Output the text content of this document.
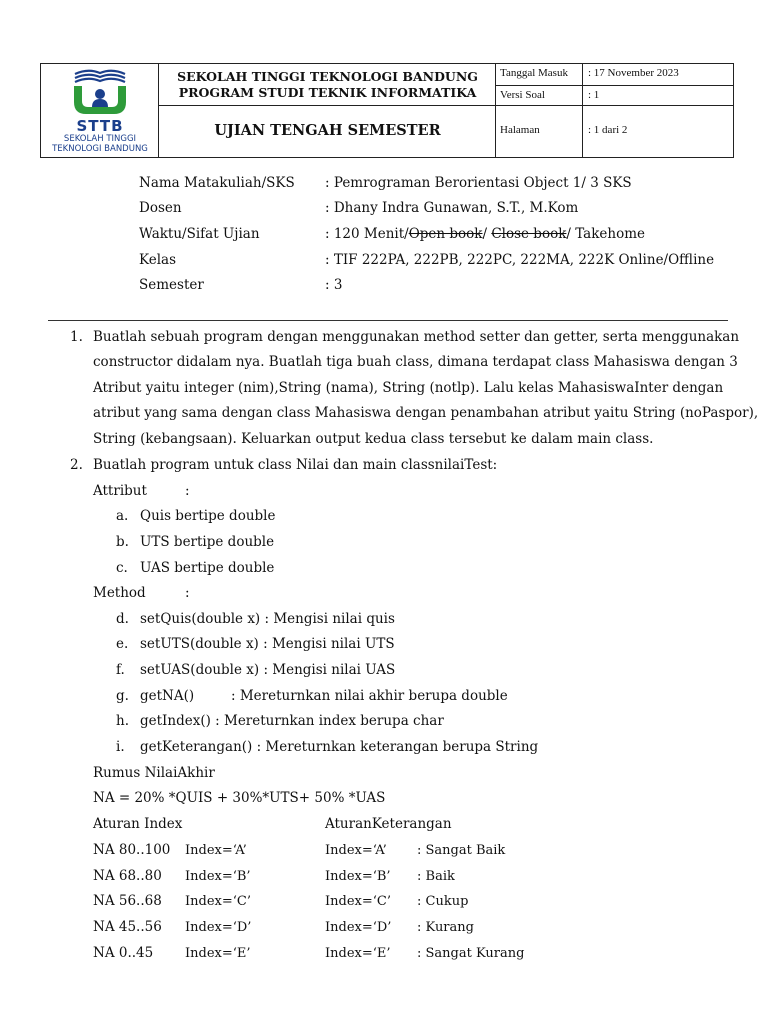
STTB
SEKOLAH TINGGI
TEKNOLOGI BANDUNG
SEKOLAH TINGGI TEKNOLOGI BANDUNG
PROGRAM STUDI TEKNIK INFORMATIKA
UJIAN TENGAH SEMESTER
Tanggal Masuk	: 17 November 2023
Versi Soal	: 1
Halaman	: 1 dari 2
Nama Matakuliah/SKS : Pemrograman Berorientasi Object 1/ 3 SKS
Dosen	: Dhany Indra Gunawan, S.T., M.Kom
Waktu/Sifat Ujian	: 120 Menit/Open book/ Close book/ Takehome
Kelas	: TIF 222PA, 222PB, 222PC, 222MA, 222K Online/Offline
Semester	: 3
1. Buatlah sebuah program dengan menggunakan method setter dan getter, serta menggunakan
constructor didalam nya. Buatlah tiga buah class, dimana terdapat class Mahasiswa dengan 3
Atribut yaitu integer (nim),String (nama), String (notlp). Lalu kelas MahasiswaInter dengan
atribut yang sama dengan class Mahasiswa dengan penambahan atribut yaitu String (noPaspor),
String (kebangsaan). Keluarkan output kedua class tersebut ke dalam main class.
2. Buatlah program untuk class Nilai dan main classnilaiTest:
Attribut	:
a. Quis bertipe double
b. UTS bertipe double
c. UAS bertipe double
Method	:
d. setQuis(double x) : Mengisi nilai quis
e. setUTS(double x) : Mengisi nilai UTS
f. setUAS(double x) : Mengisi nilai UAS
g. getNA()	: Mereturnkan nilai akhir berupa double
h. getIndex() : Mereturnkan index berupa char
i. getKeterangan() : Mereturnkan keterangan berupa String
Rumus NilaiAkhir
NA = 20% *QUIS + 30%*UTS+ 50% *UAS
Aturan Index	AturanKeterangan
NA 80..100 Index=‘A’	Index=‘A’ : Sangat Baik
NA 68..80 Index=‘B’	Index=‘B’ : Baik
NA 56..68 Index=‘C’	Index=‘C’ : Cukup
NA 45..56 Index=‘D’	Index=‘D’ : Kurang
NA 0..45 Index=‘E’	Index=‘E’ : Sangat Kurang
